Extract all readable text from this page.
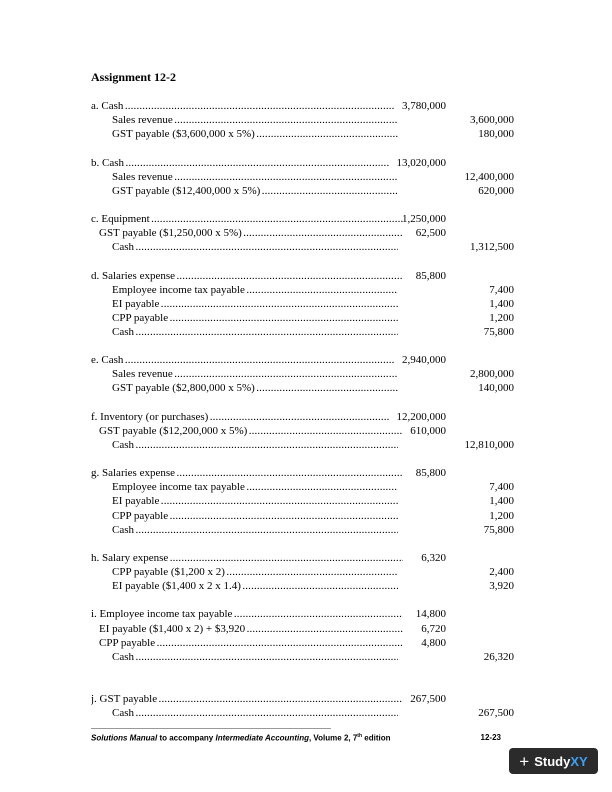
Assignment 12-2
a. Cash . . .	3,780,000
Sales revenue . . .	3,600,000
GST payable ($3,600,000 x 5%) . . .	180,000
b. Cash . . .	13,020,000
Sales revenue . . .	12,400,000
GST payable ($12,400,000 x 5%) . . .	620,000
c. Equipment . . .	1,250,000
GST payable ($1,250,000 x 5%) . . .	62,500
Cash . . .	1,312,500
d. Salaries expense . . .	85,800
Employee income tax payable . . .	7,400
EI payable . . .	1,400
CPP payable . . .	1,200
Cash . . .	75,800
e. Cash . . .	2,940,000
Sales revenue . . .	2,800,000
GST payable ($2,800,000 x 5%) . . .	140,000
f. Inventory (or purchases) . . .	12,200,000
GST payable ($12,200,000 x 5%) . . .	610,000
Cash . . .	12,810,000
g. Salaries expense . . .	85,800
Employee income tax payable . . .	7,400
EI payable . . .	1,400
CPP payable . . .	1,200
Cash . . .	75,800
h. Salary expense . . .	6,320
CPP payable ($1,200 x 2) . . .	2,400
EI payable ($1,400 x 2 x 1.4) . . .	3,920
i. Employee income tax payable . . .	14,800
EI payable ($1,400 x 2) + $3,920 . . .	6,720
CPP payable . . .	4,800
Cash . . .	26,320
j. GST payable . . .	267,500
Cash . . .	267,500
Solutions Manual to accompany Intermediate Accounting, Volume 2, 7th edition	12-23
+ StudyXY
